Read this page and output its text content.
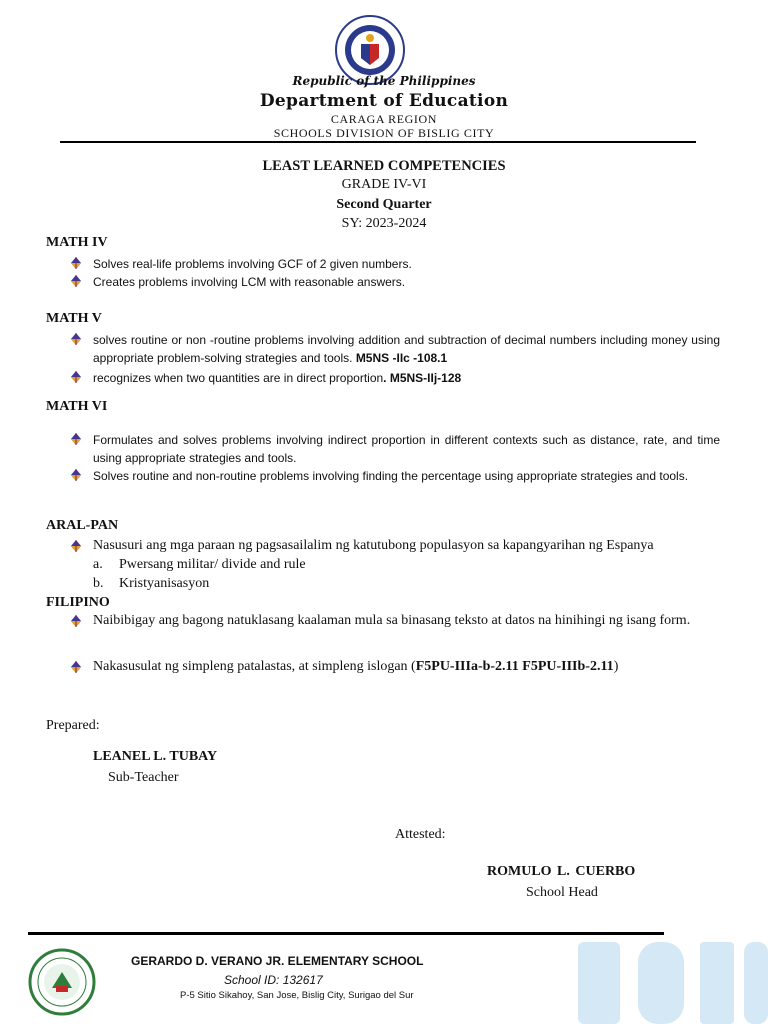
Republic of the Philippines
Department of Education
CARAGA REGION
SCHOOLS DIVISION OF BISLIG CITY
LEAST LEARNED COMPETENCIES
GRADE IV-VI
Second Quarter
SY: 2023-2024
MATH IV
Solves real-life problems involving GCF of 2 given numbers.
Creates problems involving LCM with reasonable answers.
MATH V
solves routine or non -routine problems involving addition and subtraction of decimal numbers including money using appropriate problem-solving strategies and tools. M5NS -IIc -108.1
recognizes when two quantities are in direct proportion. M5NS-IIj-128
MATH VI
Formulates and solves problems involving indirect proportion in different contexts such as distance, rate, and time using appropriate strategies and tools.
Solves routine and non-routine problems involving finding the percentage using appropriate strategies and tools.
ARAL-PAN
Nasusuri ang mga paraan ng pagsasailalim ng katutubong populasyon sa kapangyarihan ng Espanya
a. Pwersang militar/ divide and rule
b. Kristyanisasyon
FILIPINO
Naibibigay ang bagong natuklasang kaalaman mula sa binasang teksto at datos na hinihingi ng isang form.
Nakasusulat ng simpleng patalastas, at simpleng islogan (F5PU-IIIa-b-2.11 F5PU-IIIb-2.11)
Prepared:
LEANEL L. TUBAY
Sub-Teacher
Attested:
ROMULO L. CUERBO
School Head
GERARDO D. VERANO JR. ELEMENTARY SCHOOL
School ID: 132617
P-5 Sitio Sikahoy, San Jose, Bislig City, Surigao del Sur
